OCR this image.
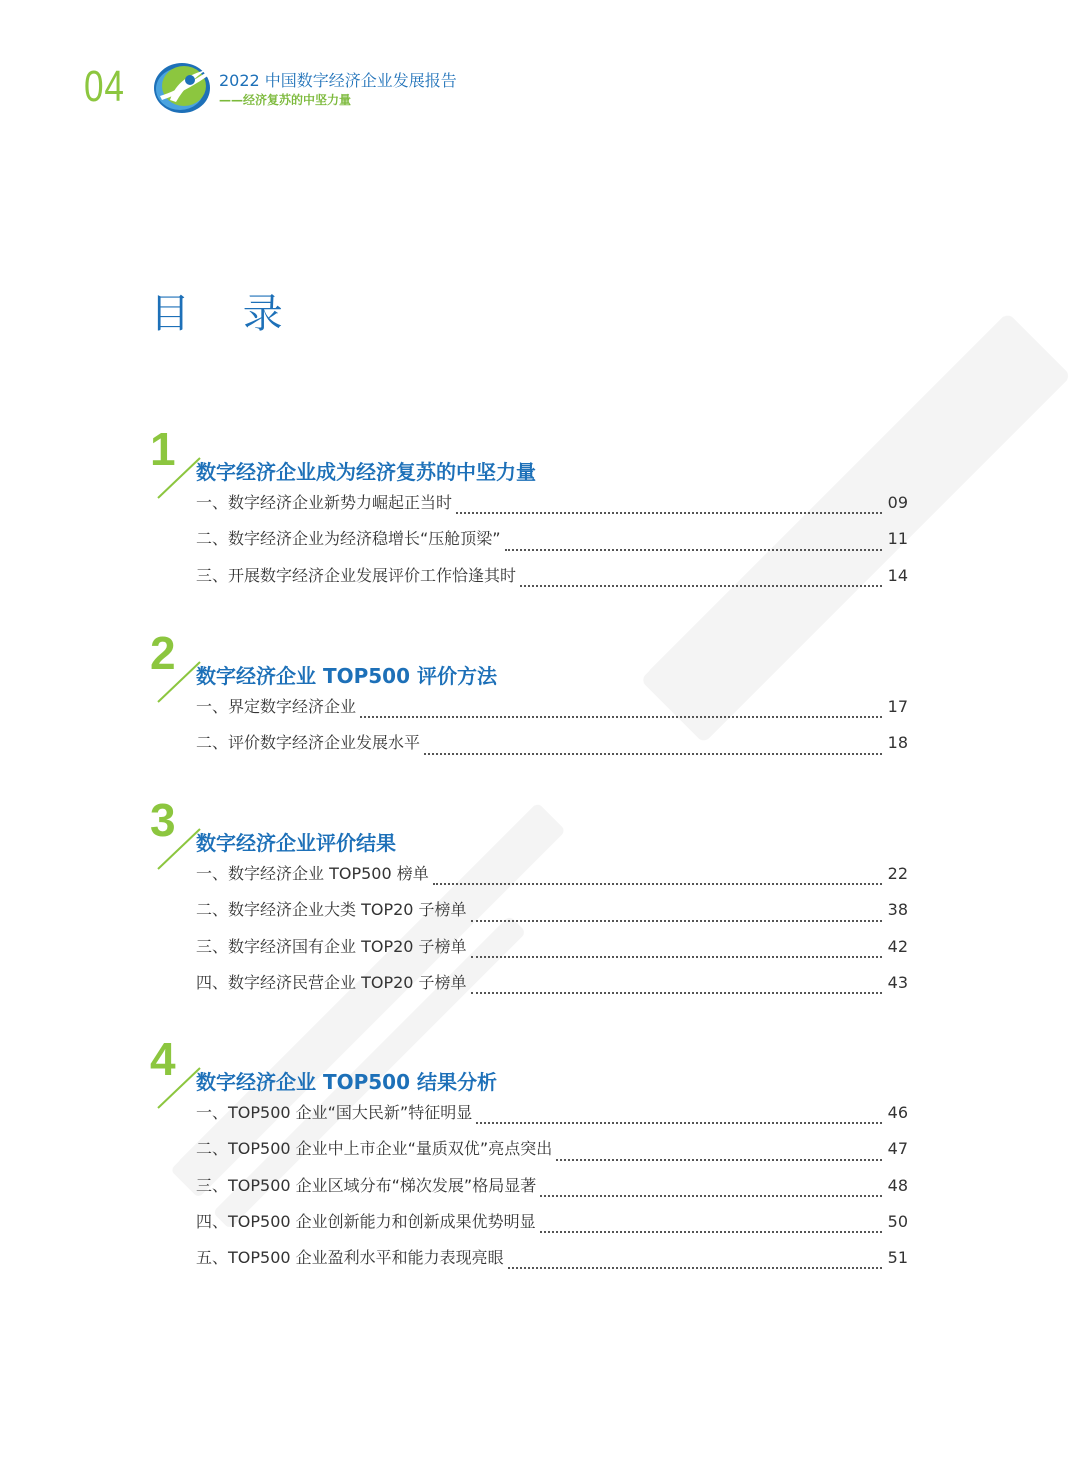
04	2022 中国数字经济企业发展报告
——经济复苏的中坚力量
目 录
1 数字经济企业成为经济复苏的中坚力量
一、数字经济企业新势力崛起正当时	09
二、数字经济企业为经济稳增长“压舱顶梁”	11
三、开展数字经济企业发展评价工作恰逢其时	14
2 数字经济企业 TOP500 评价方法
一、界定数字经济企业	17
二、评价数字经济企业发展水平	18
3 数字经济企业评价结果
一、数字经济企业 TOP500 榜单	22
二、数字经济企业大类 TOP20 子榜单	38
三、数字经济国有企业 TOP20 子榜单	42
四、数字经济民营企业 TOP20 子榜单	43
4 数字经济企业 TOP500 结果分析
一、TOP500 企业“国大民新”特征明显	46
二、TOP500 企业中上市企业“量质双优”亮点突出	47
三、TOP500 企业区域分布“梯次发展”格局显著	48
四、TOP500 企业创新能力和创新成果优势明显	50
五、TOP500 企业盈利水平和能力表现亮眼	51
